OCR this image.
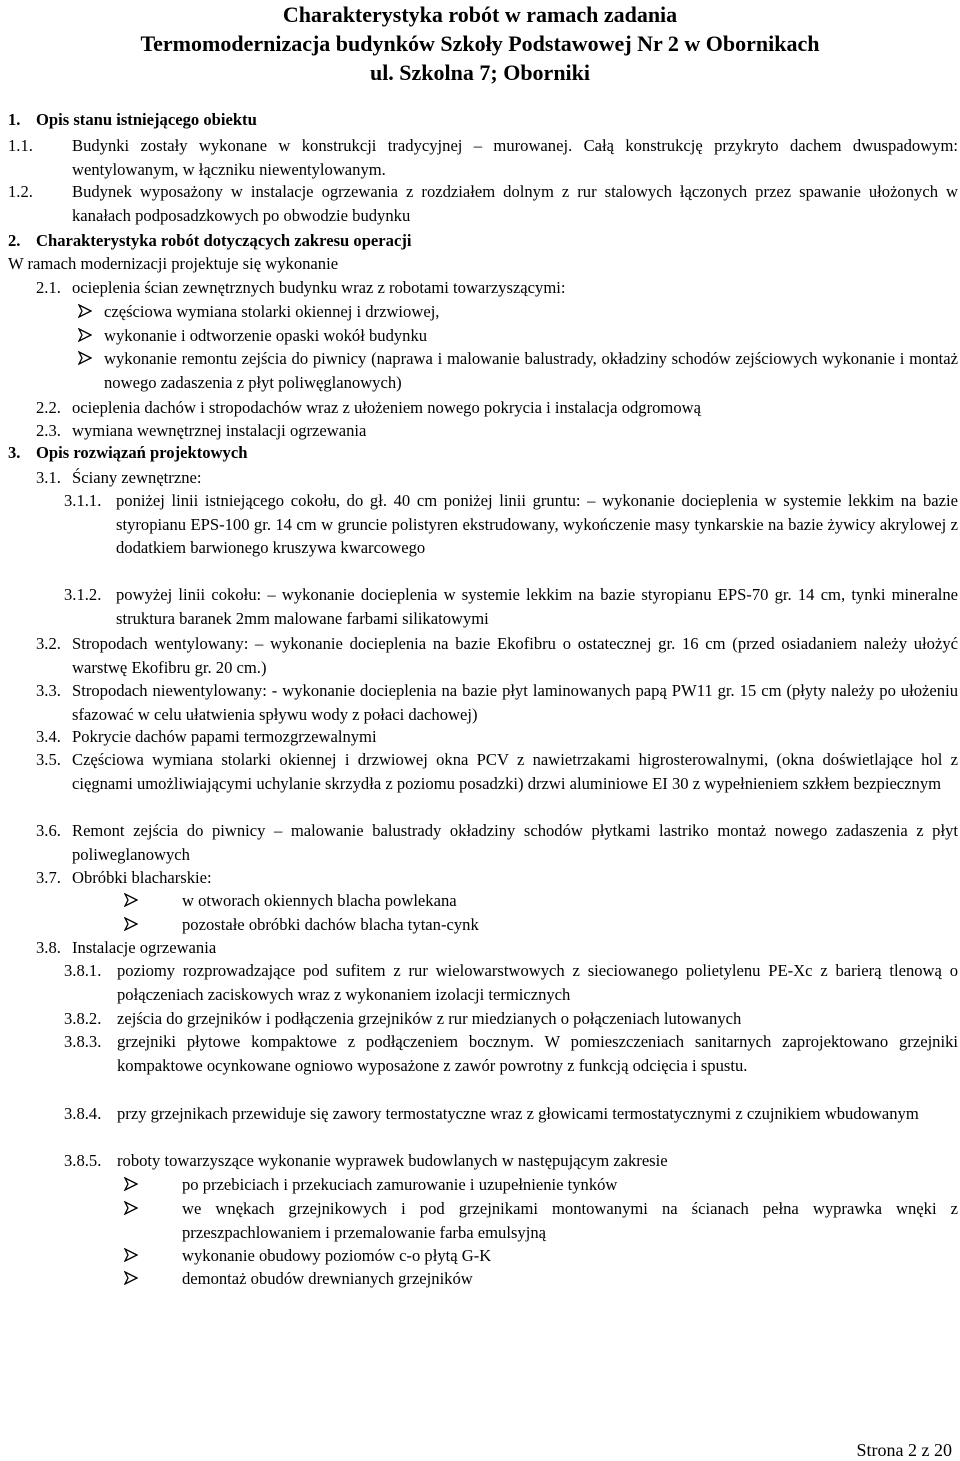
Charakterystyka robót w ramach zadania
Termomodernizacja budynków Szkoły Podstawowej Nr 2 w Obornikach
ul. Szkolna 7; Oborniki
1. Opis stanu istniejącego obiektu
1.1. Budynki zostały wykonane w konstrukcji tradycyjnej – murowanej. Całą konstrukcję przykryto dachem dwuspadowym: wentylowanym, w łączniku niewentylowanym.
1.2. Budynek wyposażony w instalacje ogrzewania z rozdziałem dolnym z rur stalowych łączonych przez spawanie ułożonych w kanałach podposadzkowych po obwodzie budynku
2. Charakterystyka robót dotyczących zakresu operacji
W ramach modernizacji projektuje się wykonanie
2.1. ocieplenia ścian zewnętrznych budynku wraz z robotami towarzyszącymi:
częściowa wymiana stolarki okiennej i drzwiowej,
wykonanie i odtworzenie opaski wokół budynku
wykonanie remontu zejścia do piwnicy (naprawa i malowanie balustrady, okładziny schodów zejściowych wykonanie i montaż nowego zadaszenia z płyt poliwęglanowych)
2.2. ocieplenia dachów i stropodachów wraz z ułożeniem nowego pokrycia i instalacja odgromową
2.3. wymiana wewnętrznej instalacji ogrzewania
3. Opis rozwiązań projektowych
3.1. Ściany zewnętrzne:
3.1.1. poniżej linii istniejącego cokołu, do gł. 40 cm poniżej linii gruntu: – wykonanie docieplenia w systemie lekkim na bazie styropianu EPS-100 gr. 14 cm w gruncie polistyren ekstrudowany, wykończenie masy tynkarskie na bazie żywicy akrylowej z dodatkiem barwionego kruszywa kwarcowego
3.1.2. powyżej linii cokołu: – wykonanie docieplenia w systemie lekkim na bazie styropianu EPS-70 gr. 14 cm, tynki mineralne struktura baranek 2mm malowane farbami silikatowymi
3.2. Stropodach wentylowany: – wykonanie docieplenia na bazie Ekofibru o ostatecznej gr. 16 cm (przed osiadaniem należy ułożyć warstwę Ekofibru gr. 20 cm.)
3.3. Stropodach niewentylowany: - wykonanie docieplenia na bazie płyt laminowanych papą PW11 gr. 15 cm (płyty należy po ułożeniu sfazować w celu ułatwienia spływu wody z połaci dachowej)
3.4. Pokrycie dachów papami termozgrzewalnymi
3.5. Częściowa wymiana stolarki okiennej i drzwiowej okna PCV z nawietrzakami higrosterowalnymi, (okna doświetlające hol z cięgnami umożliwiającymi uchylanie skrzydła z poziomu posadzki) drzwi aluminiowe EI 30 z wypełnieniem szkłem bezpiecznym
3.6. Remont zejścia do piwnicy – malowanie balustrady okładziny schodów płytkami lastriko montaż nowego zadaszenia z płyt poliweglanowych
3.7. Obróbki blacharskie:
w otworach okiennych blacha powlekana
pozostałe obróbki dachów blacha tytan-cynk
3.8. Instalacje ogrzewania
3.8.1. poziomy rozprowadzające pod sufitem z rur wielowarstwowych z sieciowanego polietylenu PE-Xc z barierą tlenową o połączeniach zaciskowych wraz z wykonaniem izolacji termicznych
3.8.2. zejścia do grzejników i podłączenia grzejników z rur miedzianych o połączeniach lutowanych
3.8.3. grzejniki płytowe kompaktowe z podłączeniem bocznym. W pomieszczeniach sanitarnych zaprojektowano grzejniki kompaktowe ocynkowane ogniowo wyposażone z zawór powrotny z funkcją odcięcia i spustu.
3.8.4. przy grzejnikach przewiduje się zawory termostatyczne wraz z głowicami termostatycznymi z czujnikiem wbudowanym
3.8.5. roboty towarzyszące wykonanie wyprawek budowlanych w następującym zakresie
po przebiciach i przekuciach zamurowanie i uzupełnienie tynków
we wnękach grzejnikowych i pod grzejnikami montowanymi na ścianach pełna wyprawka wnęki z przeszpachlowaniem i przemalowanie farba emulsyjną
wykonanie obudowy poziomów c-o płytą G-K
demontaż obudów drewnianych grzejników
Strona 2 z 20
